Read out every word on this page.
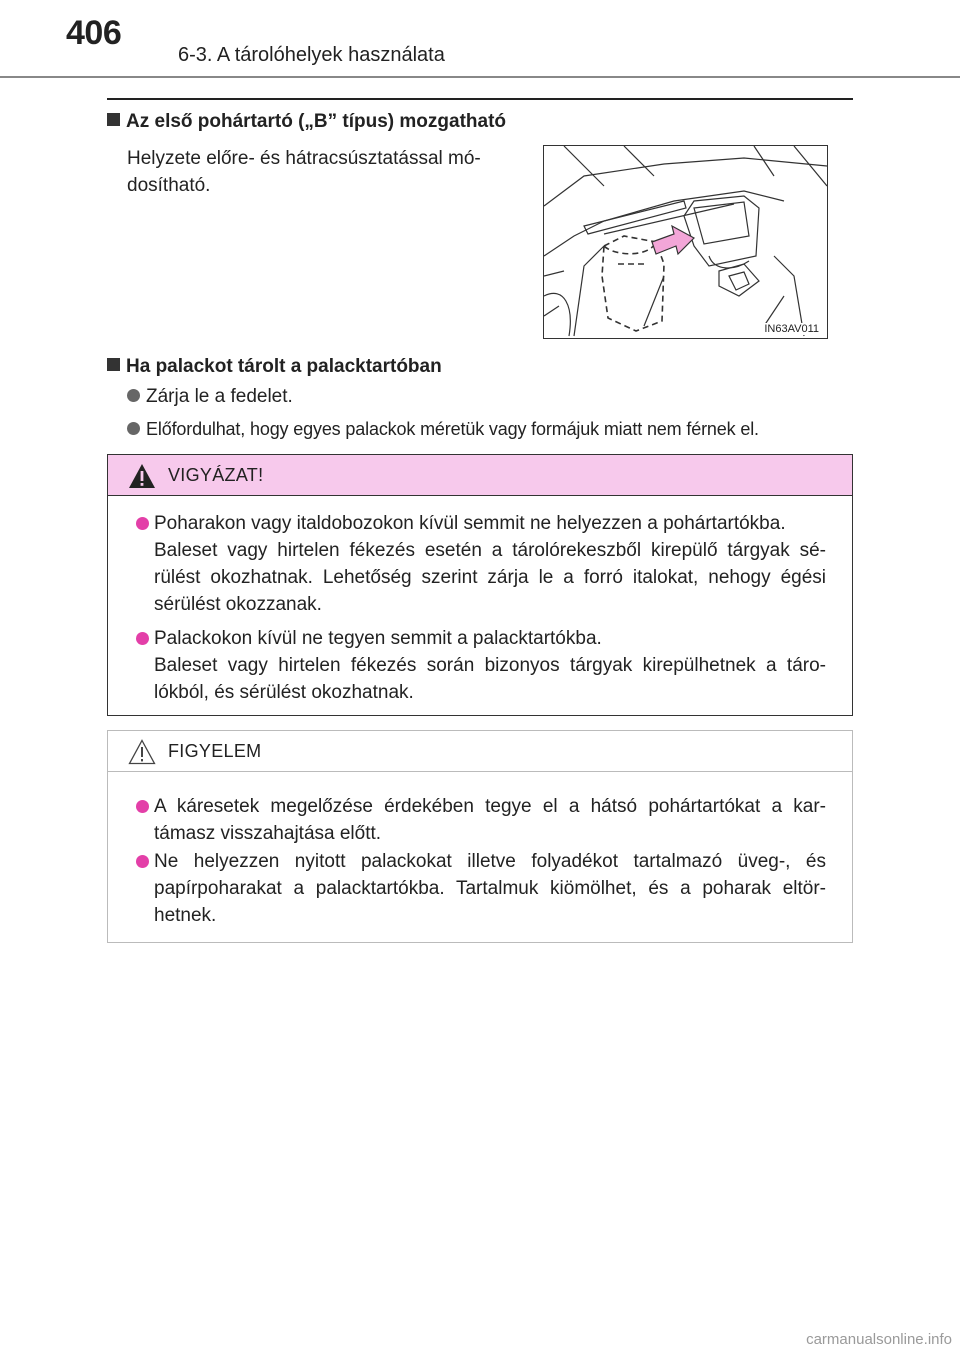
406
6-3. A tárolóhelyek használata
Az első pohártartó („B” típus) mozgatható
Helyzete előre- és hátracsúsztatással mó-
dosítható.
IN63AV011
Ha palackot tárolt a palacktartóban
Zárja le a fedelet.
Előfordulhat, hogy egyes palackok méretük vagy formájuk miatt nem férnek el.
VIGYÁZAT!
Poharakon vagy italdobozokon kívül semmit ne helyezzen a pohártartókba.
Baleset vagy hirtelen fékezés esetén a tárolórekeszből kirepülő tárgyak sé-
rülést okozhatnak. Lehetőség szerint zárja le a forró italokat, nehogy égési
sérülést okozzanak.
Palackokon kívül ne tegyen semmit a palacktartókba.
Baleset vagy hirtelen fékezés során bizonyos tárgyak kirepülhetnek a táro-
lókból, és sérülést okozhatnak.
FIGYELEM
A káresetek megelőzése érdekében tegye el a hátsó pohártartókat a kar-
támasz visszahajtása előtt.
Ne helyezzen nyitott palackokat illetve folyadékot tartalmazó üveg-, és
papírpoharakat a palacktartókba. Tartalmuk kiömölhet, és a poharak eltör-
hetnek.
carmanualsonline.info
